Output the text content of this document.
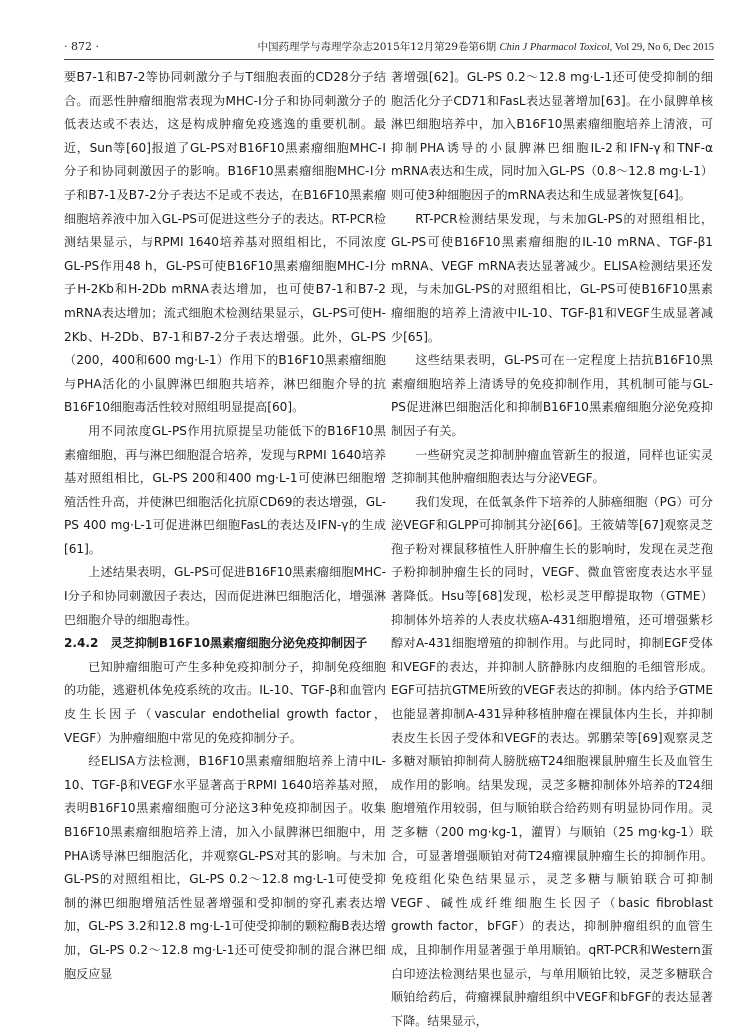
· 872 ·	中国药理学与毒理学杂志2015年12月第29卷第6期 Chin J Pharmacol Toxicol, Vol 29, No 6, Dec 2015

要B7-1和B7-2等协同刺激分子与T细胞表面的CD28分子结合。而恶性肿瘤细胞常表现为MHC-Ⅰ分子和协同刺激分子的低表达或不表达，这是构成肿瘤免疫逃逸的重要机制。最近，Sun等[60]报道了GL-PS对B16F10黑素瘤细胞MHC-Ⅰ分子和协同刺激因子的影响。B16F10黑素瘤细胞MHC-Ⅰ分子和B7-1及B7-2分子表达不足或不表达，在B16F10黑素瘤细胞培养液中加入GL-PS可促进这些分子的表达。RT-PCR检测结果显示，与RPMI 1640培养基对照组相比，不同浓度GL-PS作用48 h，GL-PS可使B16F10黑素瘤细胞MHC-Ⅰ分子H-2Kb和H-2Db mRNA表达增加，也可使B7-1和B7-2 mRNA表达增加；流式细胞术检测结果显示，GL-PS可使H-2Kb、H-2Db、B7-1和B7-2分子表达增强。此外，GL-PS（200，400和600 mg·L-1）作用下的B16F10黑素瘤细胞与PHA活化的小鼠脾淋巴细胞共培养，淋巴细胞介导的抗B16F10细胞毒活性较对照组明显提高[60]。

用不同浓度GL-PS作用抗原提呈功能低下的B16F10黑素瘤细胞，再与淋巴细胞混合培养，发现与RPMI 1640培养基对照组相比，GL-PS 200和400 mg·L-1可使淋巴细胞增殖活性升高，并使淋巴细胞活化抗原CD69的表达增强，GL-PS 400 mg·L-1可促进淋巴细胞FasL的表达及IFN-γ的生成[61]。

上述结果表明，GL-PS可促进B16F10黑素瘤细胞MHC-Ⅰ分子和协同刺激因子表达，因而促进淋巴细胞活化，增强淋巴细胞介导的细胞毒性。

2.4.2　灵芝抑制B16F10黑素瘤细胞分泌免疫抑制因子

已知肿瘤细胞可产生多种免疫抑制分子，抑制免疫细胞的功能，逃避机体免疫系统的攻击。IL-10、TGF-β和血管内皮生长因子（vascular endothelial growth factor，VEGF）为肿瘤细胞中常见的免疫抑制分子。

经ELISA方法检测，B16F10黑素瘤细胞培养上清中IL-10、TGF-β和VEGF水平显著高于RPMI 1640培养基对照，表明B16F10黑素瘤细胞可分泌这3种免疫抑制因子。收集B16F10黑素瘤细胞培养上清，加入小鼠脾淋巴细胞中，用PHA诱导淋巴细胞活化，并观察GL-PS对其的影响。与未加GL-PS的对照组相比，GL-PS 0.2～12.8 mg·L-1可使受抑制的淋巴细胞增殖活性显著增强和受抑制的穿孔素表达增加，GL-PS 3.2和12.8 mg·L-1可使受抑制的颗粒酶B表达增加，GL-PS 0.2～12.8 mg·L-1还可使受抑制的混合淋巴细胞反应显

著增强[62]。GL-PS 0.2～12.8 mg·L-1还可使受抑制的细胞活化分子CD71和FasL表达显著增加[63]。在小鼠脾单核淋巴细胞培养中，加入B16F10黑素瘤细胞培养上清液，可抑制PHA诱导的小鼠脾淋巴细胞IL-2和IFN-γ和TNF-α mRNA表达和生成，同时加入GL-PS（0.8～12.8 mg·L-1）则可使3种细胞因子的mRNA表达和生成显著恢复[64]。

RT-PCR检测结果发现，与未加GL-PS的对照组相比，GL-PS可使B16F10黑素瘤细胞的IL-10 mRNA、TGF-β1 mRNA、VEGF mRNA表达显著减少。ELISA检测结果还发现，与未加GL-PS的对照组相比，GL-PS可使B16F10黑素瘤细胞的培养上清液中IL-10、TGF-β1和VEGF生成显著减少[65]。

这些结果表明，GL-PS可在一定程度上拮抗B16F10黑素瘤细胞培养上清诱导的免疫抑制作用，其机制可能与GL-PS促进淋巴细胞活化和抑制B16F10黑素瘤细胞分泌免疫抑制因子有关。

一些研究灵芝抑制肿瘤血管新生的报道，同样也证实灵芝抑制其他肿瘤细胞表达与分泌VEGF。

我们发现，在低氧条件下培养的人肺癌细胞（PG）可分泌VEGF和GLPP可抑制其分泌[66]。王筱婧等[67]观察灵芝孢子粉对裸鼠移植性人肝肿瘤生长的影响时，发现在灵芝孢子粉抑制肿瘤生长的同时，VEGF、微血管密度表达水平显著降低。Hsu等[68]发现，松杉灵芝甲醇提取物（GTME）抑制体外培养的人表皮状癌A-431细胞增殖，还可增强紫杉醇对A-431细胞增殖的抑制作用。与此同时，抑制EGF受体和VEGF的表达，并抑制人脐静脉内皮细胞的毛细管形成。EGF可拮抗GTME所致的VEGF表达的抑制。体内给予GTME也能显著抑制A-431异种移植肿瘤在裸鼠体内生长，并抑制表皮生长因子受体和VEGF的表达。郭鹏荣等[69]观察灵芝多糖对顺铂抑制荷人膀胱癌T24细胞裸鼠肿瘤生长及血管生成作用的影响。结果发现，灵芝多糖抑制体外培养的T24细胞增殖作用较弱，但与顺铂联合给药则有明显协同作用。灵芝多糖（200 mg·kg-1，灌胃）与顺铂（25 mg·kg-1）联合，可显著增强顺铂对荷T24瘤裸鼠肿瘤生长的抑制作用。免疫组化染色结果显示，灵芝多糖与顺铂联合可抑制VEGF、碱性成纤维细胞生长因子（basic fibroblast growth factor，bFGF）的表达，抑制肿瘤组织的血管生成，且抑制作用显著强于单用顺铂。qRT-PCR和Western蛋白印迹法检测结果也显示，与单用顺铂比较，灵芝多糖联合顺铂给药后，荷瘤裸鼠肿瘤组织中VEGF和bFGF的表达显著下降。结果显示，
